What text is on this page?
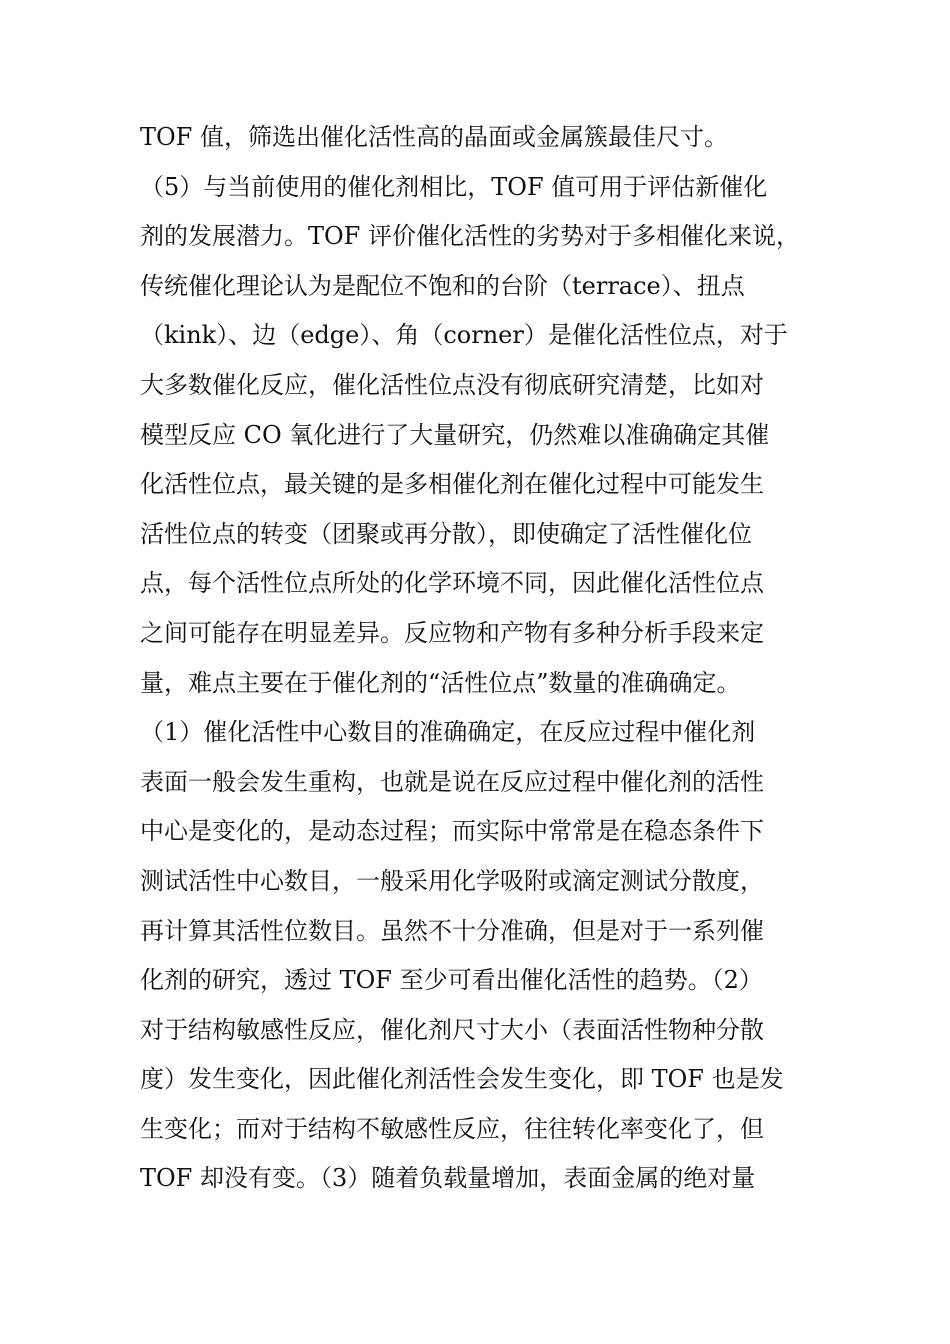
TOF 值，筛选出催化活性高的晶面或金属簇最佳尺寸。
（5）与当前使用的催化剂相比，TOF 值可用于评估新催化
剂的发展潜力。TOF 评价催化活性的劣势对于多相催化来说，
传统催化理论认为是配位不饱和的台阶（terrace）、扭点
（kink）、边（edge）、角（corner）是催化活性位点，对于
大多数催化反应，催化活性位点没有彻底研究清楚，比如对
模型反应 CO 氧化进行了大量研究，仍然难以准确确定其催
化活性位点，最关键的是多相催化剂在催化过程中可能发生
活性位点的转变（团聚或再分散），即使确定了活性催化位
点，每个活性位点所处的化学环境不同，因此催化活性位点
之间可能存在明显差异。反应物和产物有多种分析手段来定
量，难点主要在于催化剂的“活性位点”数量的准确确定。
（1）催化活性中心数目的准确确定，在反应过程中催化剂
表面一般会发生重构，也就是说在反应过程中催化剂的活性
中心是变化的，是动态过程；而实际中常常是在稳态条件下
测试活性中心数目，一般采用化学吸附或滴定测试分散度，
再计算其活性位数目。虽然不十分准确，但是对于一系列催
化剂的研究，透过 TOF 至少可看出催化活性的趋势。（2）
对于结构敏感性反应，催化剂尺寸大小（表面活性物种分散
度）发生变化，因此催化剂活性会发生变化，即 TOF 也是发
生变化；而对于结构不敏感性反应，往往转化率变化了，但
TOF 却没有变。（3）随着负载量增加，表面金属的绝对量
